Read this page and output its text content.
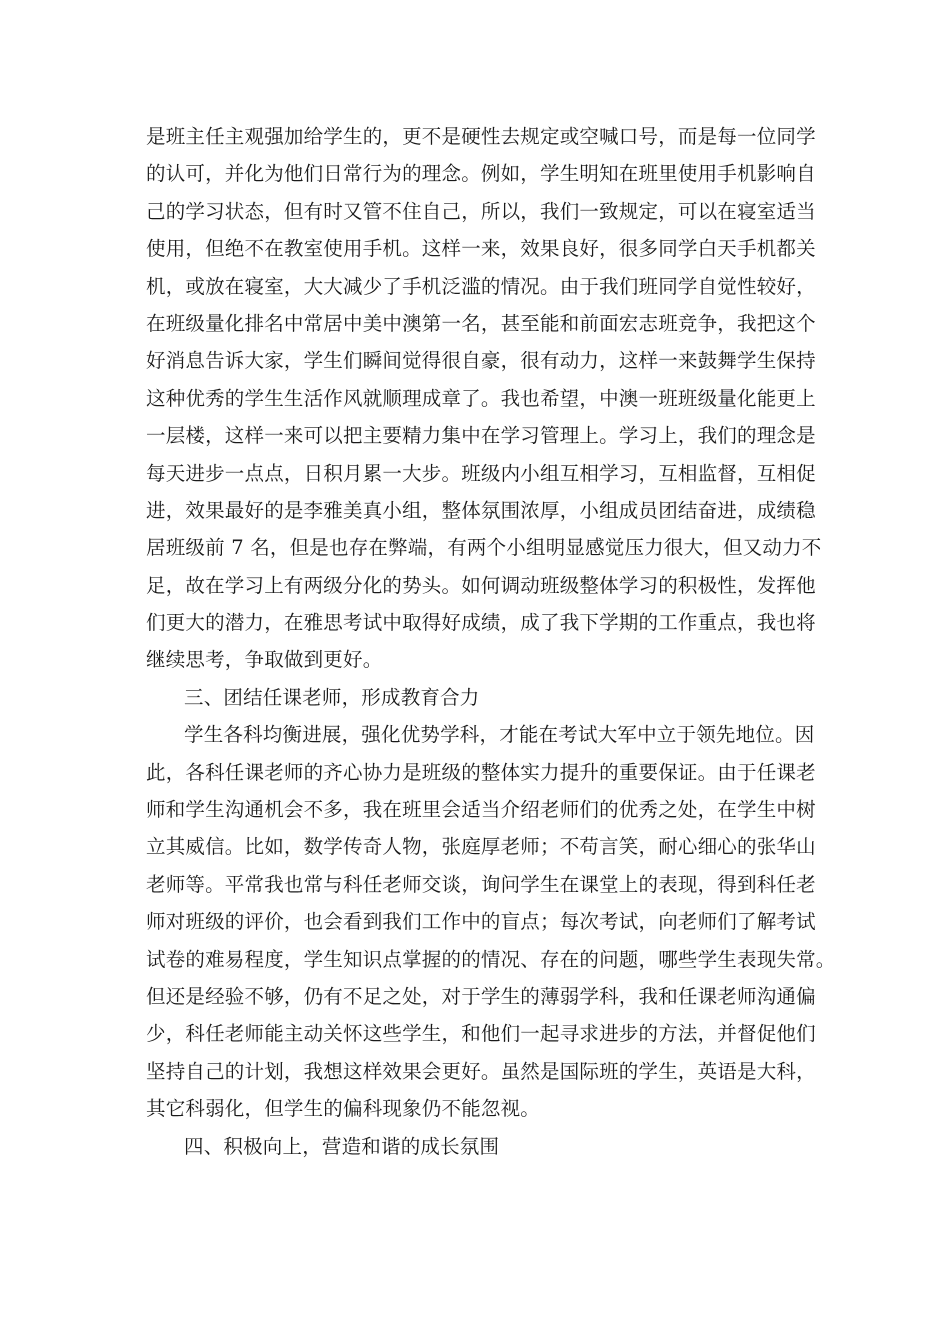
是班主任主观强加给学生的，更不是硬性去规定或空喊口号，而是每一位同学
的认可，并化为他们日常行为的理念。例如，学生明知在班里使用手机影响自
己的学习状态，但有时又管不住自己，所以，我们一致规定，可以在寝室适当
使用，但绝不在教室使用手机。这样一来，效果良好，很多同学白天手机都关
机，或放在寝室，大大减少了手机泛滥的情况。由于我们班同学自觉性较好，
在班级量化排名中常居中美中澳第一名，甚至能和前面宏志班竞争，我把这个
好消息告诉大家，学生们瞬间觉得很自豪，很有动力，这样一来鼓舞学生保持
这种优秀的学生生活作风就顺理成章了。我也希望，中澳一班班级量化能更上
一层楼，这样一来可以把主要精力集中在学习管理上。学习上，我们的理念是
每天进步一点点，日积月累一大步。班级内小组互相学习，互相监督，互相促
进，效果最好的是李雅美真小组，整体氛围浓厚，小组成员团结奋进，成绩稳
居班级前 7 名，但是也存在弊端，有两个小组明显感觉压力很大，但又动力不
足，故在学习上有两级分化的势头。如何调动班级整体学习的积极性，发挥他
们更大的潜力，在雅思考试中取得好成绩，成了我下学期的工作重点，我也将
继续思考，争取做到更好。
三、团结任课老师，形成教育合力
学生各科均衡进展，强化优势学科，才能在考试大军中立于领先地位。因
此，各科任课老师的齐心协力是班级的整体实力提升的重要保证。由于任课老
师和学生沟通机会不多，我在班里会适当介绍老师们的优秀之处，在学生中树
立其威信。比如，数学传奇人物，张庭厚老师；不苟言笑，耐心细心的张华山
老师等。平常我也常与科任老师交谈，询问学生在课堂上的表现，得到科任老
师对班级的评价，也会看到我们工作中的盲点；每次考试，向老师们了解考试
试卷的难易程度，学生知识点掌握的的情况、存在的问题，哪些学生表现失常。
但还是经验不够，仍有不足之处，对于学生的薄弱学科，我和任课老师沟通偏
少，科任老师能主动关怀这些学生，和他们一起寻求进步的方法，并督促他们
坚持自己的计划，我想这样效果会更好。虽然是国际班的学生，英语是大科，
其它科弱化，但学生的偏科现象仍不能忽视。
四、积极向上，营造和谐的成长氛围
